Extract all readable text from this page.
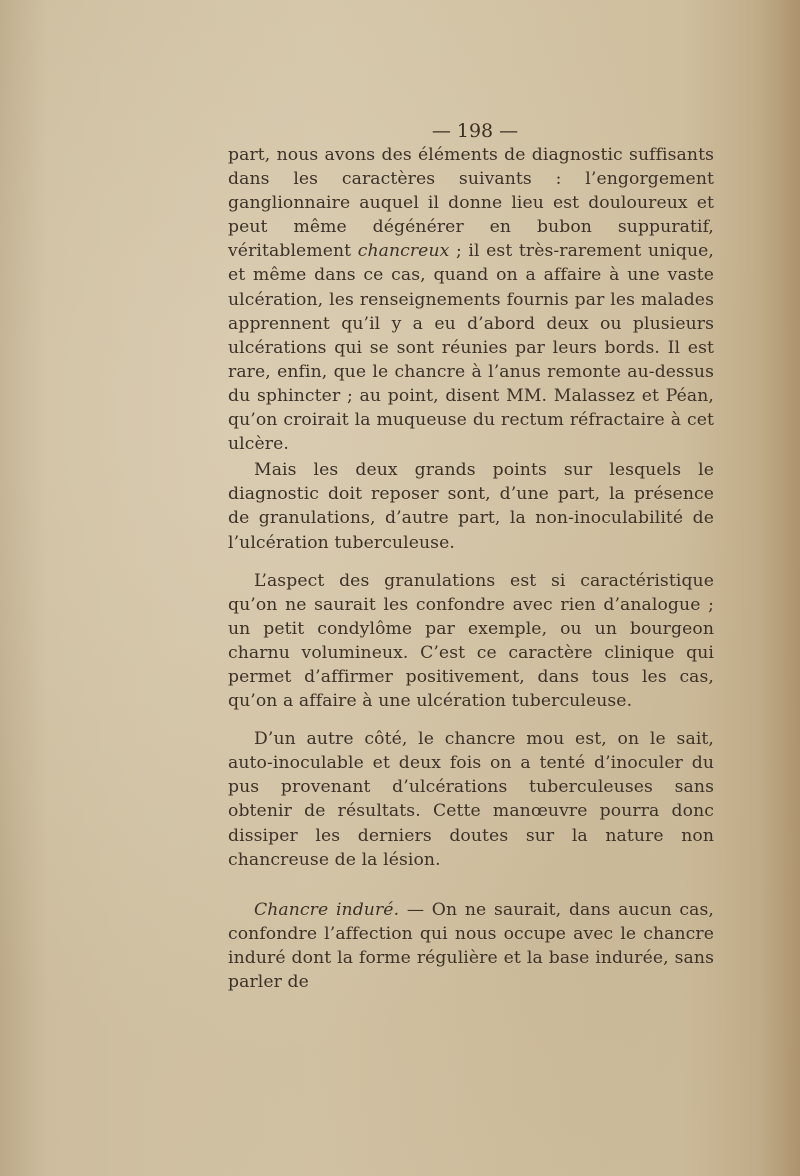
— 198 —

part, nous avons des éléments de diagnostic suffisants dans les caractères suivants : l’engorgement ganglionnaire auquel il donne lieu est douloureux et peut même dégénérer en bubon suppuratif, véritablement chancreux ; il est très-rarement unique, et même dans ce cas, quand on a affaire à une vaste ulcération, les renseignements fournis par les malades apprennent qu’il y a eu d’abord deux ou plusieurs ulcérations qui se sont réunies par leurs bords. Il est rare, enfin, que le chancre à l’anus remonte au-dessus du sphincter ; au point, disent MM. Malassez et Péan, qu’on croirait la muqueuse du rectum réfractaire à cet ulcère.

Mais les deux grands points sur lesquels le diagnostic doit reposer sont, d’une part, la présence de granulations, d’autre part, la non-inoculabilité de l’ulcération tuberculeuse.

L’aspect des granulations est si caractéristique qu’on ne saurait les confondre avec rien d’analogue ; un petit condylôme par exemple, ou un bourgeon charnu volumineux. C’est ce caractère clinique qui permet d’affirmer positivement, dans tous les cas, qu’on a affaire à une ulcération tuberculeuse.

D’un autre côté, le chancre mou est, on le sait, auto-inoculable et deux fois on a tenté d’inoculer du pus provenant d’ulcérations tuberculeuses sans obtenir de résultats. Cette manœuvre pourra donc dissiper les derniers doutes sur la nature non chancreuse de la lésion.

Chancre induré. — On ne saurait, dans aucun cas, confondre l’affection qui nous occupe avec le chancre induré dont la forme régulière et la base indurée, sans parler de
